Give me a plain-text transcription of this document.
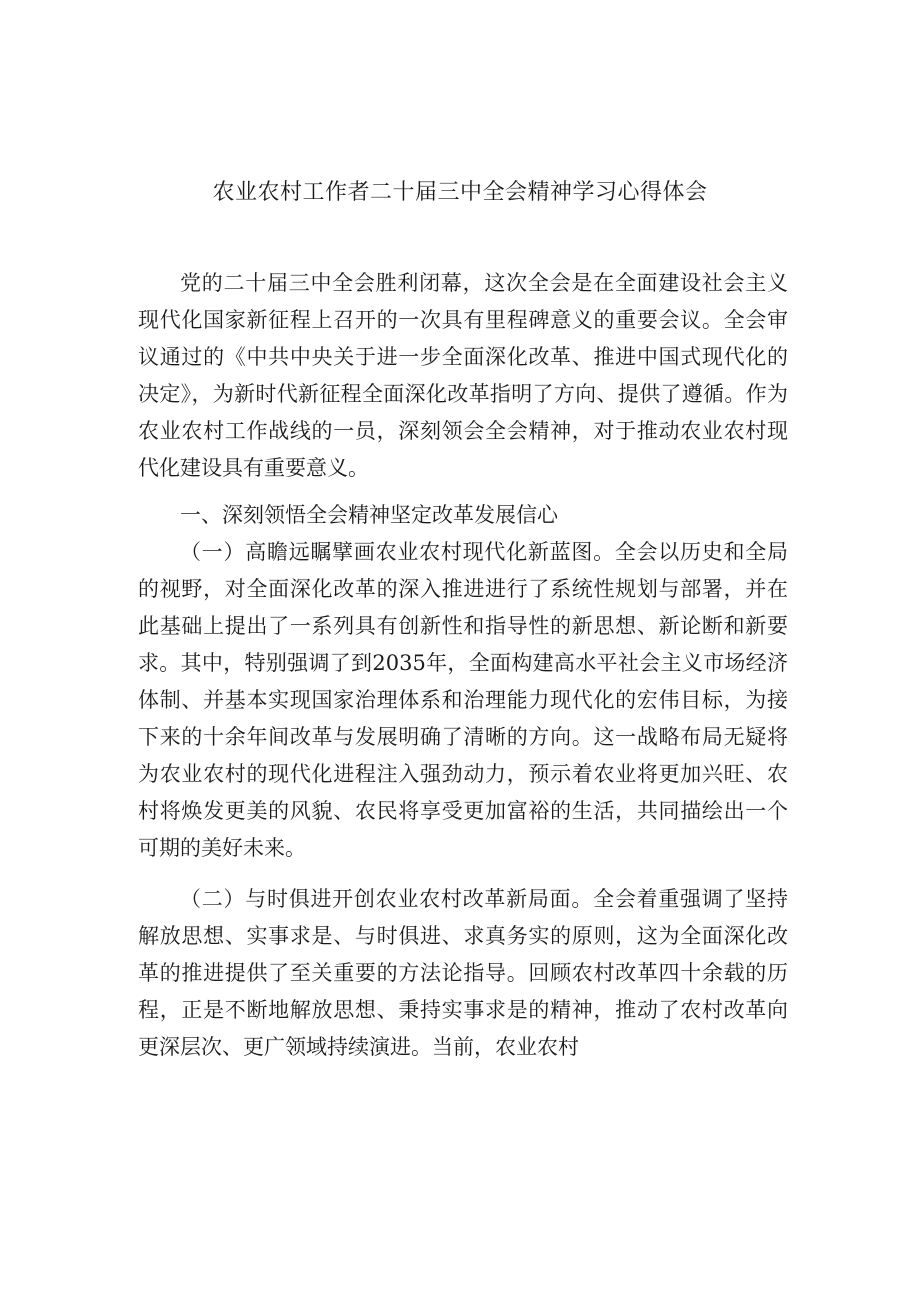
农业农村工作者二十届三中全会精神学习心得体会

党的二十届三中全会胜利闭幕，这次全会是在全面建设社会主义现代化国家新征程上召开的一次具有里程碑意义的重要会议。全会审议通过的《中共中央关于进一步全面深化改革、推进中国式现代化的决定》，为新时代新征程全面深化改革指明了方向、提供了遵循。作为农业农村工作战线的一员，深刻领会全会精神，对于推动农业农村现代化建设具有重要意义。

一、深刻领悟全会精神坚定改革发展信心

（一）高瞻远瞩擘画农业农村现代化新蓝图。全会以历史和全局的视野，对全面深化改革的深入推进进行了系统性规划与部署，并在此基础上提出了一系列具有创新性和指导性的新思想、新论断和新要求。其中，特别强调了到2035年，全面构建高水平社会主义市场经济体制、并基本实现国家治理体系和治理能力现代化的宏伟目标，为接下来的十余年间改革与发展明确了清晰的方向。这一战略布局无疑将为农业农村的现代化进程注入强劲动力，预示着农业将更加兴旺、农村将焕发更美的风貌、农民将享受更加富裕的生活，共同描绘出一个可期的美好未来。

（二）与时俱进开创农业农村改革新局面。全会着重强调了坚持解放思想、实事求是、与时俱进、求真务实的原则，这为全面深化改革的推进提供了至关重要的方法论指导。回顾农村改革四十余载的历程，正是不断地解放思想、秉持实事求是的精神，推动了农村改革向更深层次、更广领域持续演进。当前，农业农村
